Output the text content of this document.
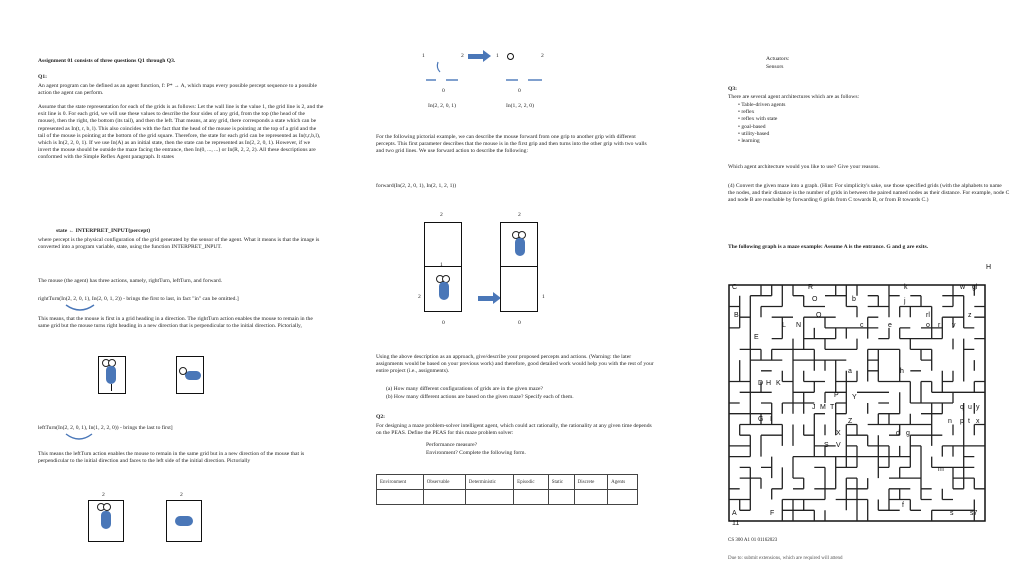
Assignment 01 consists of three questions Q1 through Q3.
Q1:
An agent program can be defined as an agent function, f: P* → A, which maps every possible percept sequence to a possible action the agent can perform.
Assume that the state representation for each of the grids is as follows: Let the wall line is the value 1, the grid line is 2, and the exit line is 0. For each grid, we will use these values to describe the four sides of any grid, from the top (the head of the mouse), then the right, the bottom (its tail), and then the left. That means, at any grid, there corresponds a state which can be represented as In(t, r, b, l). This also coincides with the fact that the head of the mouse is pointing at the top of a grid and the tail of the mouse is pointing at the bottom of the grid square. Therefore, the state for each grid can be represented as In(t,r,b,l), which is In(2, 2, 0, 1). If we use In(A) as an initial state, then the state can be represented as In(2, 2, 0, 1). However, if we invert the mouse should be outside the maze facing the entrance, then In(0, ..., ...) or In(R, 2, 2, 2). All these descriptions are conformed with the Simple Reflex Agent paragraph. It states
state ← INTERPRET_INPUT(percept)
where percept is the physical configuration of the grid generated by the sensor of the agent. What it means is that the image is converted into a program variable, state, using the function INTERPRET_INPUT.
The mouse (the agent) has three actions, namely, rightTurn, leftTurn, and forward.
rightTurn(In(2, 2, 0, 1), In(2, 0, 1, 2)) - brings the first to last, in fact "in" can be omitted.]
This means, that the mouse is first in a grid heading in a direction. The rightTurn action enables the mouse to remain in the same grid but the mouse turns right heading in a new direction that is perpendicular to the initial direction. Pictorially,
leftTurn(In(2, 2, 0, 1), In(1, 2, 2, 0)) - brings the last to first]
This means the leftTurn action enables the mouse to remain in the same grid but in a new direction of the mouse that is perpendicular to the initial direction and faces to the left side of the initial direction. Pictorially
2	2
1	2	1	2
0	0
In(2, 2, 0, 1)	In(1, 2, 2, 0)
For the following pictorial example, we can describe the mouse forward from one grip to another grip with different percepts. This first parameter describes that the mouse is in the first grip and then turns into the other grip with two walls and two grid lines. We use forward action to describe the following:
forward(In(2, 2, 0, 1), In(2, 1, 2, 1))
2	2
1
2	1
0	0
Using the above description as an approach, give/describe your proposed percepts and actions. (Warning: the later assignments would be based on your previous work) and therefore, good detailed work would help you with the rest of your entire project (i.e., assignments).
(a) How many different configurations of grids are in the given maze?
(b) How many different actions are based on the given maze? Specify each of them.
Q2:
For designing a maze problem-solver intelligent agent, which could act rationally, the rationality at any given time depends on the PEAS. Define the PEAS for this maze problem solver:
Performance measure?
Environment? Complete the following form.
Environment	Observable	Deterministic	Episodic	Static	Discrete	Agents

Actuators:
Sensors
Q3:
There are several agent architectures which are as follows:
• Table-driven agents
• reflex
• reflex with state
• goal-based
• utility-based
• learning
Which agent architecture would you like to use? Give your reasons.
(4) Convert the given maze into a graph. (Hint: For simplicity's sake, use those specified grids (with the alphabets to name the nodes, and their distance is the number of grids in between the paired named nodes as their distance. For example, node C and node B are reachable by forwarding 6 grids from C towards B, or from B towards C.)
The following graph is a maze example: Assume A is the entrance. G and g are exits.
H
C	R	k	w gl
O	b	j
B	O	rl	z
L N	c	e	o r v
E
a	h
D H K
P Y
J M T	q u y
G I	Z	n p t x
X	d g
S V
m
f
A	F	s s7
11
CS 300 A1 01 01162023
Due to: submit extensions, which are required will attend
